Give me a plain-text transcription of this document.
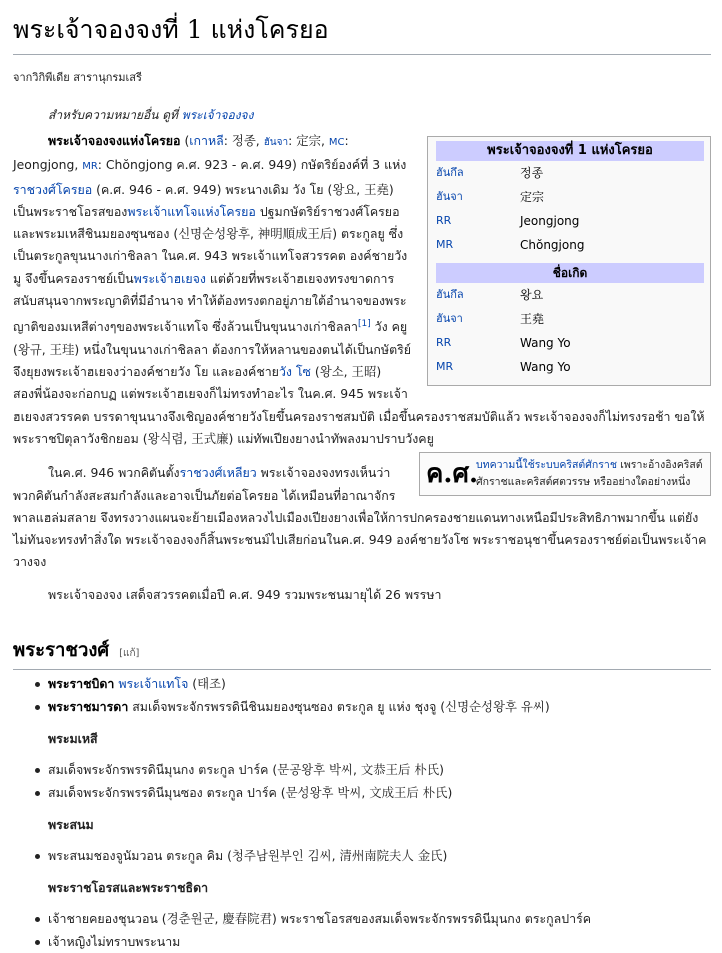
พระเจ้าจองจงที่ 1 แห่งโครยอ
จากวิกิพีเดีย สารานุกรมเสรี
สำหรับความหมายอื่น ดูที่ พระเจ้าจองจง
พระเจ้าจองจงที่ 1 แห่งโครยอ
ฮันกึล	정종
ฮันจา	定宗
RR	Jeongjong
MR	Chŏngjong
ชื่อเกิด
ฮันกึล	왕요
ฮันจา	王堯
RR	Wang Yo
MR	Wang Yo

พระเจ้าจองจงแห่งโครยอ (เกาหลี: 정종, ฮันจา: 定宗, MC: Jeongjong, MR: Chŏngjong ค.ศ. 923 - ค.ศ. 949) กษัตริย์องค์ที่ 3 แห่งราชวงศ์โครยอ (ค.ศ. 946 - ค.ศ. 949) พระนางเดิม วัง โย (왕요, 王堯) เป็นพระราชโอรสของพระเจ้าแทโจแห่งโครยอ ปฐมกษัตริย์ราชวงศ์โครยอ และพระมเหสีชินมยองซุนซอง (신명순성왕후, 神明順成王后) ตระกูลยู ซึ่งเป็นตระกูลขุนนางเก่าชิลลา ในค.ศ. 943 พระเจ้าแทโจสวรรคต องค์ชายวัง มู จึงขึ้นครองราชย์เป็นพระเจ้าฮเยจง แต่ด้วยที่พระเจ้าฮเยจงทรงขาดการสนับสนุนจากพระญาติที่มีอำนาจ ทำให้ต้องทรงตกอยู่ภายใต้อำนาจของพระญาติของมเหสีต่างๆของพระเจ้าแทโจ ซึ่งล้วนเป็นขุนนางเก่าชิลลา[1] วัง คยู (왕규, 王珪) หนึ่งในขุนนางเก่าชิลลา ต้องการให้หลานของตนได้เป็นกษัตริย์ จึงยุยงพระเจ้าฮเยจงว่าองค์ชายวัง โย และองค์ชายวัง โซ (왕소, 王昭) สองพี่น้องจะก่อกบฏ แต่พระเจ้าฮเยจงก็ไม่ทรงทำอะไร ในค.ศ. 945 พระเจ้าฮเยจงสวรรคต บรรดาขุนนางจึงเชิญองค์ชายวังโยขึ้นครองราชสมบัติ เมื่อขึ้นครองราชสมบัติแล้ว พระเจ้าจองจงก็ไม่ทรงรอช้า ขอให้พระราชปิตุลาวังชิกยอม (왕식렴, 王式廉) แม่ทัพเปียงยางนำทัพลงมาปราบวังคยู

ค.ศ.
บทความนี้ใช้ระบบคริสต์ศักราช เพราะอ้างอิงคริสต์ศักราชและคริสต์ศตวรรษ หรืออย่างใดอย่างหนึ่ง

ในค.ศ. 946 พวกคิตันตั้งราชวงศ์เหลียว พระเจ้าจองจงทรงเห็นว่าพวกคิตันกำลังสะสมกำลังและอาจเป็นภัยต่อโครยอ ได้เหมือนที่อาณาจักรพาลแฮล่มสลาย จึงทรงวางแผนจะย้ายเมืองหลวงไปเมืองเปียงยางเพื่อให้การปกครองชายแดนทางเหนือมีประสิทธิภาพมากขึ้น แต่ยังไม่ทันจะทรงทำสิ่งใด พระเจ้าจองจงก็สิ้นพระชนม์ไปเสียก่อนในค.ศ. 949 องค์ชายวังโซ พระราชอนุชาขึ้นครองราชย์ต่อเป็นพระเจ้าควางจง

พระเจ้าจองจง เสด็จสวรรคตเมื่อปี ค.ศ. 949 รวมพระชนมายุได้ 26 พรรษา

พระราชวงศ์ [แก้]
พระราชบิดา พระเจ้าแทโจ (태조)
พระราชมารดา สมเด็จพระจักรพรรดินีชินมยองซุนซอง ตระกูล ยู แห่ง ชุงจู (신명순성왕후 유씨)
พระมเหสี
สมเด็จพระจักรพรรดินีมุนกง ตระกูล ปาร์ค (문공왕후 박씨, 文恭王后 朴氏)
สมเด็จพระจักรพรรดินีมุนซอง ตระกูล ปาร์ค (문성왕후 박씨, 文成王后 朴氏)
พระสนม
พระสนมชองจูนัมวอน ตระกูล คิม (청주남원부인 김씨, 清州南院夫人 金氏)
พระราชโอรสและพระราชธิดา
เจ้าชายคยองชุนวอน (경춘원군, 慶春院君) พระราชโอรสของสมเด็จพระจักรพรรดินีมุนกง ตระกูลปาร์ค
เจ้าหญิงไม่ทราบพระนาม
